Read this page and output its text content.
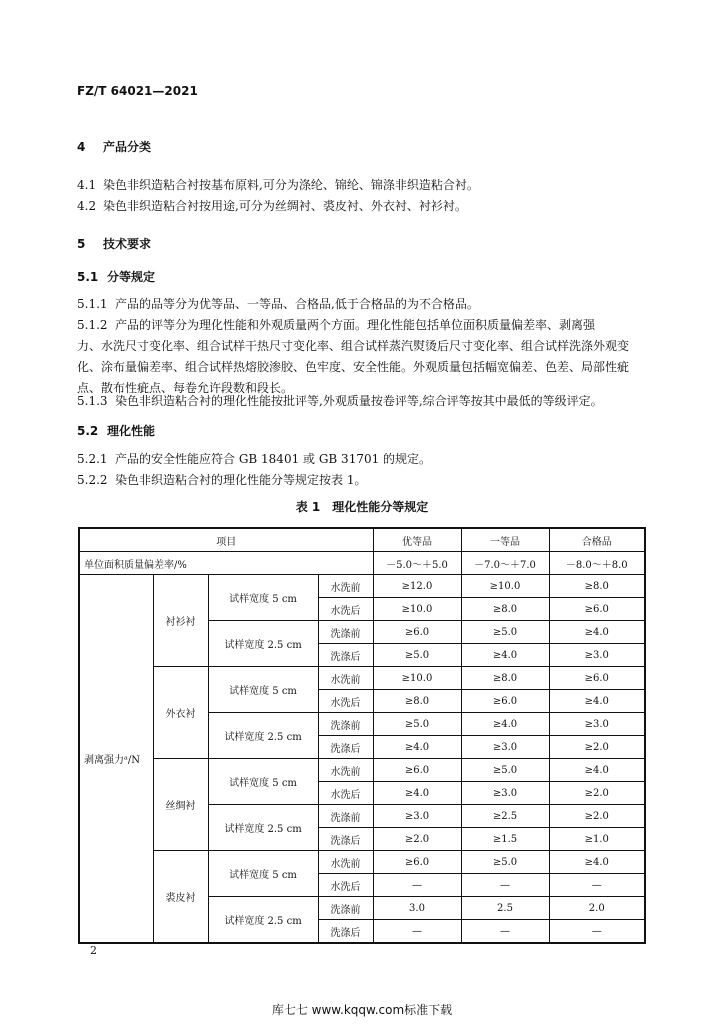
FZ/T 64021—2021
4 产品分类
4.1 染色非织造粘合衬按基布原料,可分为涤纶、锦纶、锦涤非织造粘合衬。
4.2 染色非织造粘合衬按用途,可分为丝绸衬、裘皮衬、外衣衬、衬衫衬。
5 技术要求
5.1 分等规定
5.1.1 产品的品等分为优等品、一等品、合格品,低于合格品的为不合格品。
5.1.2 产品的评等分为理化性能和外观质量两个方面。理化性能包括单位面积质量偏差率、剥离强
力、水洗尺寸变化率、组合试样干热尺寸变化率、组合试样蒸汽熨烫后尺寸变化率、组合试样洗涤外观变
化、涂布量偏差率、组合试样热熔胶渗胶、色牢度、安全性能。外观质量包括幅宽偏差、色差、局部性疵
点、散布性疵点、每卷允许段数和段长。
5.1.3 染色非织造粘合衬的理化性能按批评等,外观质量按卷评等,综合评等按其中最低的等级评定。
5.2 理化性能
5.2.1 产品的安全性能应符合 GB 18401 或 GB 31701 的规定。
5.2.2 染色非织造粘合衬的理化性能分等规定按表 1。
表 1　理化性能分等规定
项目				优等品	一等品	合格品
单位面积质量偏差率/%				－5.0～＋5.0	－7.0～＋7.0	－8.0～＋8.0
剥离强力ᵃ/N	衬衫衬	试样宽度 5 cm	水洗前	≥12.0	≥10.0	≥8.0
			水洗后	≥10.0	≥8.0	≥6.0
		试样宽度 2.5 cm	洗涤前	≥6.0	≥5.0	≥4.0
			洗涤后	≥5.0	≥4.0	≥3.0
	外衣衬	试样宽度 5 cm	水洗前	≥10.0	≥8.0	≥6.0
			水洗后	≥8.0	≥6.0	≥4.0
		试样宽度 2.5 cm	洗涤前	≥5.0	≥4.0	≥3.0
			洗涤后	≥4.0	≥3.0	≥2.0
	丝绸衬	试样宽度 5 cm	水洗前	≥6.0	≥5.0	≥4.0
			水洗后	≥4.0	≥3.0	≥2.0
		试样宽度 2.5 cm	洗涤前	≥3.0	≥2.5	≥2.0
			洗涤后	≥2.0	≥1.5	≥1.0
	裘皮衬	试样宽度 5 cm	水洗前	≥6.0	≥5.0	≥4.0
			水洗后	—	—	—
		试样宽度 2.5 cm	洗涤前	3.0	2.5	2.0
			洗涤后	—	—	—
2
库七七 www.kqqw.com标准下载
